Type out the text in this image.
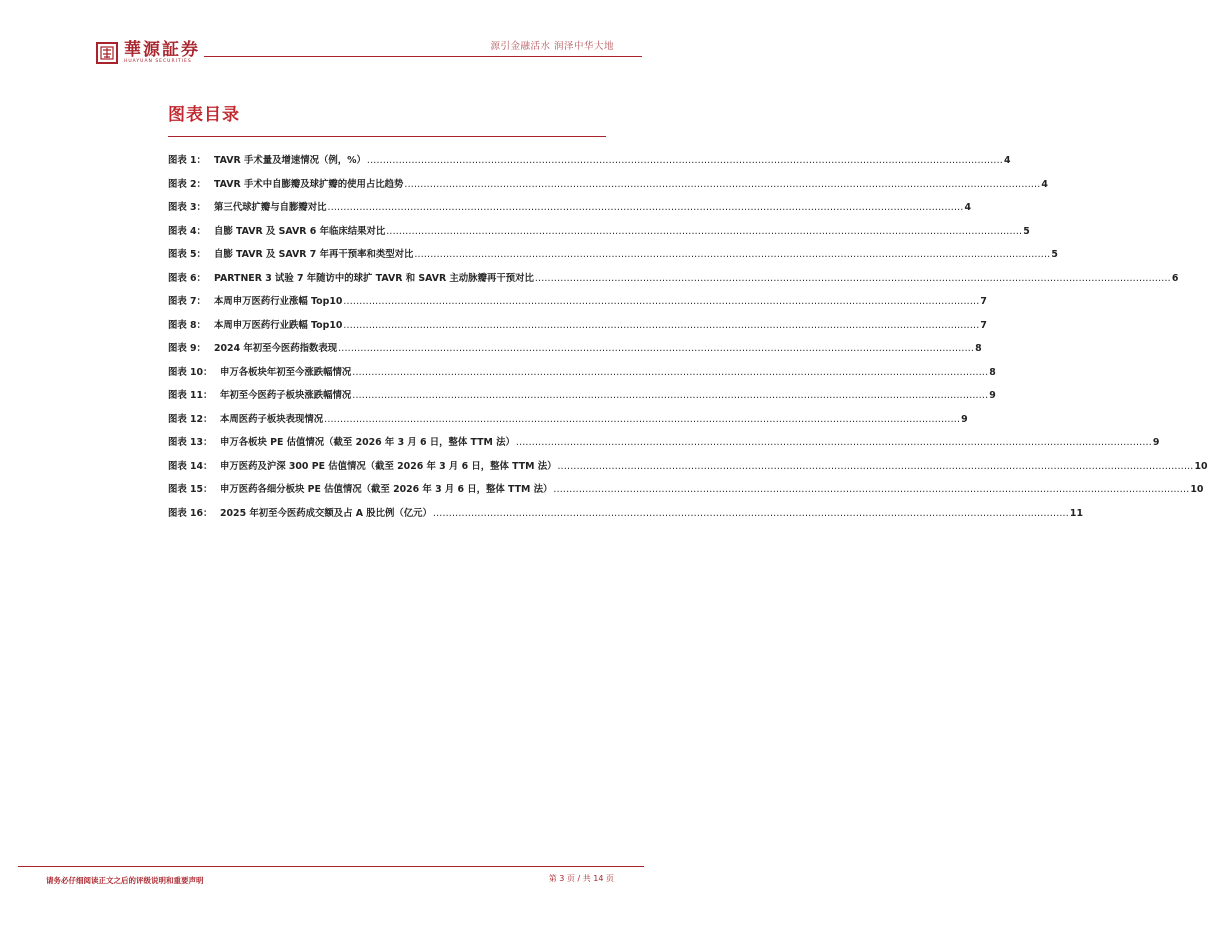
華源証券
HUAYUAN SECURITIES
源引金融活水 润泽中华大地
图表目录
图表 1： TAVR 手术量及增速情况（例，%） .....	4
图表 2： TAVR 手术中自膨瓣及球扩瓣的使用占比趋势 .....	4
图表 3： 第三代球扩瓣与自膨瓣对比 .....	4
图表 4： 自膨 TAVR 及 SAVR 6 年临床结果对比 .....	5
图表 5： 自膨 TAVR 及 SAVR 7 年再干预率和类型对比 .....	5
图表 6： PARTNER 3 试验 7 年随访中的球扩 TAVR 和 SAVR 主动脉瓣再干预对比 .....	6
图表 7： 本周申万医药行业涨幅 Top10 .....	7
图表 8： 本周申万医药行业跌幅 Top10 .....	7
图表 9： 2024 年初至今医药指数表现 .....	8
图表 10： 申万各板块年初至今涨跌幅情况 .....	8
图表 11： 年初至今医药子板块涨跌幅情况 .....	9
图表 12： 本周医药子板块表现情况 .....	9
图表 13： 申万各板块 PE 估值情况（截至 2026 年 3 月 6 日，整体 TTM 法） .....	9
图表 14： 申万医药及沪深 300 PE 估值情况（截至 2026 年 3 月 6 日，整体 TTM 法） .....	10
图表 15： 申万医药各细分板块 PE 估值情况（截至 2026 年 3 月 6 日，整体 TTM 法） .....	10
图表 16： 2025 年初至今医药成交额及占 A 股比例（亿元） .....	11
请务必仔细阅读正文之后的评级说明和重要声明	第 3 页 / 共 14 页
